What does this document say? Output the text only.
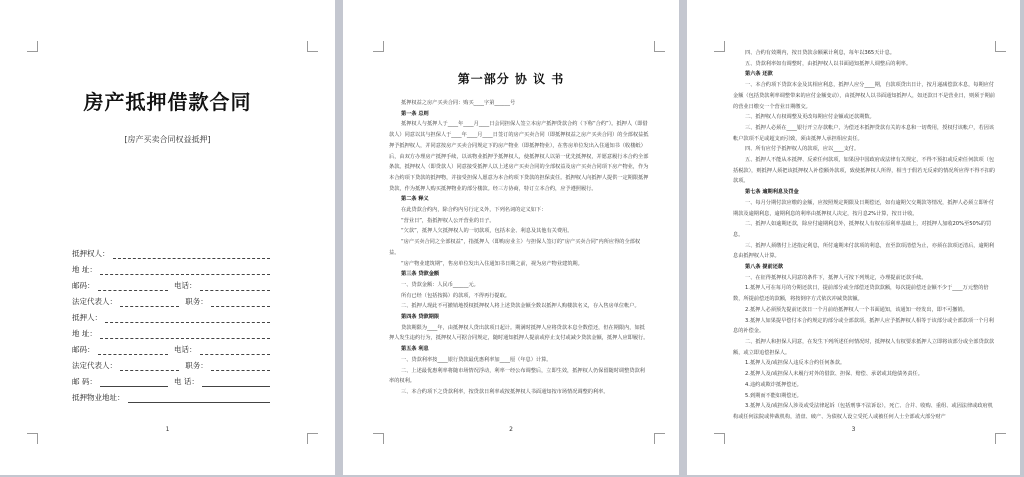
房产抵押借款合同
[房产买卖合同权益抵押]
抵押权人：
地 址：
邮码：	电话：
法定代表人：	职务：
抵押人：
地 址：
邮码：	电话：
法定代表人：	职务：
邮 码：	电 话：
抵押物业地址：
1
第一部分 协 议 书

抵押权益之房产买卖合同：购买____字第______号

第一条 总则

抵押权人与抵押人于____年____月____日会同担保人签立本房产抵押贷款合约（下称“合约”）。抵押人（即借款人）同意以其与担保人于____年____月____日签订的房产买卖合同（即抵押权益之房产买卖合同）的全部权益抵押予抵押权人，并同意按房产买卖合同规定下的房产物业（即抵押物业），在售房单位发出入住通知书（收楼纸）后，由双方办理房产抵押手续，以该物业抵押予抵押权人，使抵押权人以第一优先抵押权，并愿意履行本合约全部条款。抵押权人（即贷款人）同意接受抵押人以上述房产买卖合同的全部权益及房产买卖合同项下房产物业，作为本合约项下贷款的抵押物，并接受担保人愿意为本合约项下贷款的担保责任。抵押权人向抵押人提供一定期限抵押贷款，作为抵押人购买抵押物业的部分楼款。经三方协商，特订立本合约，应予遵照履行。

第二条 释义

在此贷款合约内，除合约内另行定义外，下列名词的定义如下：

“营业日”，指抵押权人公开营业的日子。

“欠款”，抵押人欠抵押权人的一切款项，包括本金、利息及其他有关费用。

“房产买卖合同之全部权益”，指抵押人（即购房业主）与担保人签订的“房产买卖合同”内所应得的全部权益。

“房产物业建筑期”，售房单位发出入住通知书日期之前，视为房产物业建筑期。

第三条 贷款金额

一、贷款金额：人民币______元。

所有已经（包括按揭）的款项，不得再行提取。

二、抵押人现此不可撤销地授权抵押权人将上述贷款金额全数以抵押人购楼款名义，存入售房单位帐户。

第四条 贷款期限

贷款期限为____年，由抵押权人贷出款项日起计。期满时抵押人应将贷款本息全数偿还，但在期限内，如抵押人发生违约行为，抵押权人可据合同规定，随时通知抵押人提前或停止支付或减少贷款金额，抵押人应即履行。

第五条 利息

一、贷款利率按____银行贷款最优惠利率加____厘（年息）计算。

二、上述最优惠利率将随市场情况浮动，利率一经公布调整后，立即生效，抵押权人仍保留随时调整贷款利率的权利。

三、本合约项下之贷款利率，按贷款日利率或按抵押权人书面通知按市场情况调整的利率。

2

四、合约有效期内，按日贷款余额累计利息，每年以365天计息。

五、贷款利率如有调整时，由抵押权人以书面通知抵押人调整后的利率。

第六条 还款

一、本合约项下贷款本金及其相应利息，抵押人应分____期，自款项贷出日计，按月递减偿款本息，每期应付金额（包括贷款利率调整带来的应付金额变动），由抵押权人以书面通知抵押人，如还款日不是营业日，则须于期前的营业日缴交一个营业日期缴交。

二、抵押权人有权调整及更改每期应付金额或还款期数。

三、抵押人必须在____银行开立存款帐户，为偿还本抵押贷款有关的本息和一切费用，授权付该帐户，若因该帐户款项不足或超支而引致，须由抵押人承担相应责任。

四、所有应付予抵押权人的款项，应以____支付。

五、抵押人不能从本抵押、反索任何款项，如果因中国政府或法律有关规定，不得不预扣或反索任何款项（包括税款），则抵押人须把该抵押权人补偿额外款项，致使抵押权人所得，相当于假若无反索的情况所应得不得不扣的款项。

第七条 逾期利息及罚金

一、每月分期付款应缴的金额，应按照规定期限及日期偿还，如有逾期欠交期款等情况，抵押人必须立即补付期款及逾期利息，逾期利息的利率由抵押权人决定，按月息2%计算，按日计收。

二、抵押人如逾期还款，除应付逾期利息外，抵押权人有权在原利率基础上，对抵押人加收20%至50%的罚息。

三、抵押人须缴付上述指定利息，所付逾期未付款项的利息，直至款项清偿为止，亦须在款项还清后，逾期利息由抵押权人计算。

第八条 提前还款

一、在征得抵押权人同意的条件下，抵押人可按下列规定，办理提前还款手续。

1.抵押人可在每月的分期还款日，提前部分或全部偿还贷款款额，每次提前偿还金额不少于____万元整的倍数，所提前偿还的款额，将按倒序方式依次冲减贷款额。

2.抵押人必须预先提前还款日一个月前给抵押权人一个书面通知，该通知一经发出，即不可撤销。

3.抵押人如果提早偿付本合约规定的部分或全部款项，抵押人应予抵押权人相等于该部分或全部款项一个月利息的补偿金。

二、抵押人和担保人同意，在发生下列所述任何情况时，抵押权人有权要求抵押人立即将该部分或全部贷款款额，或立即追偿担保人。

1.抵押人及/或担保人违反本合约任何条款。

2.抵押人及/或担保人未履行对外的借款、担保、赔偿、承诺或其他债务责任。

4.违约或欺诈抵押偿还。

5.到期而不能如期偿还。

3.抵押人及/或担保人涉及或受法律起诉（包括刑事不法诉讼），死亡、合并、收购、重组、或因法律或政府机构或任何法院或仲裁机构，清盘、破产、为债权人设立受托人或被任何人士全部或大部分财产

3
